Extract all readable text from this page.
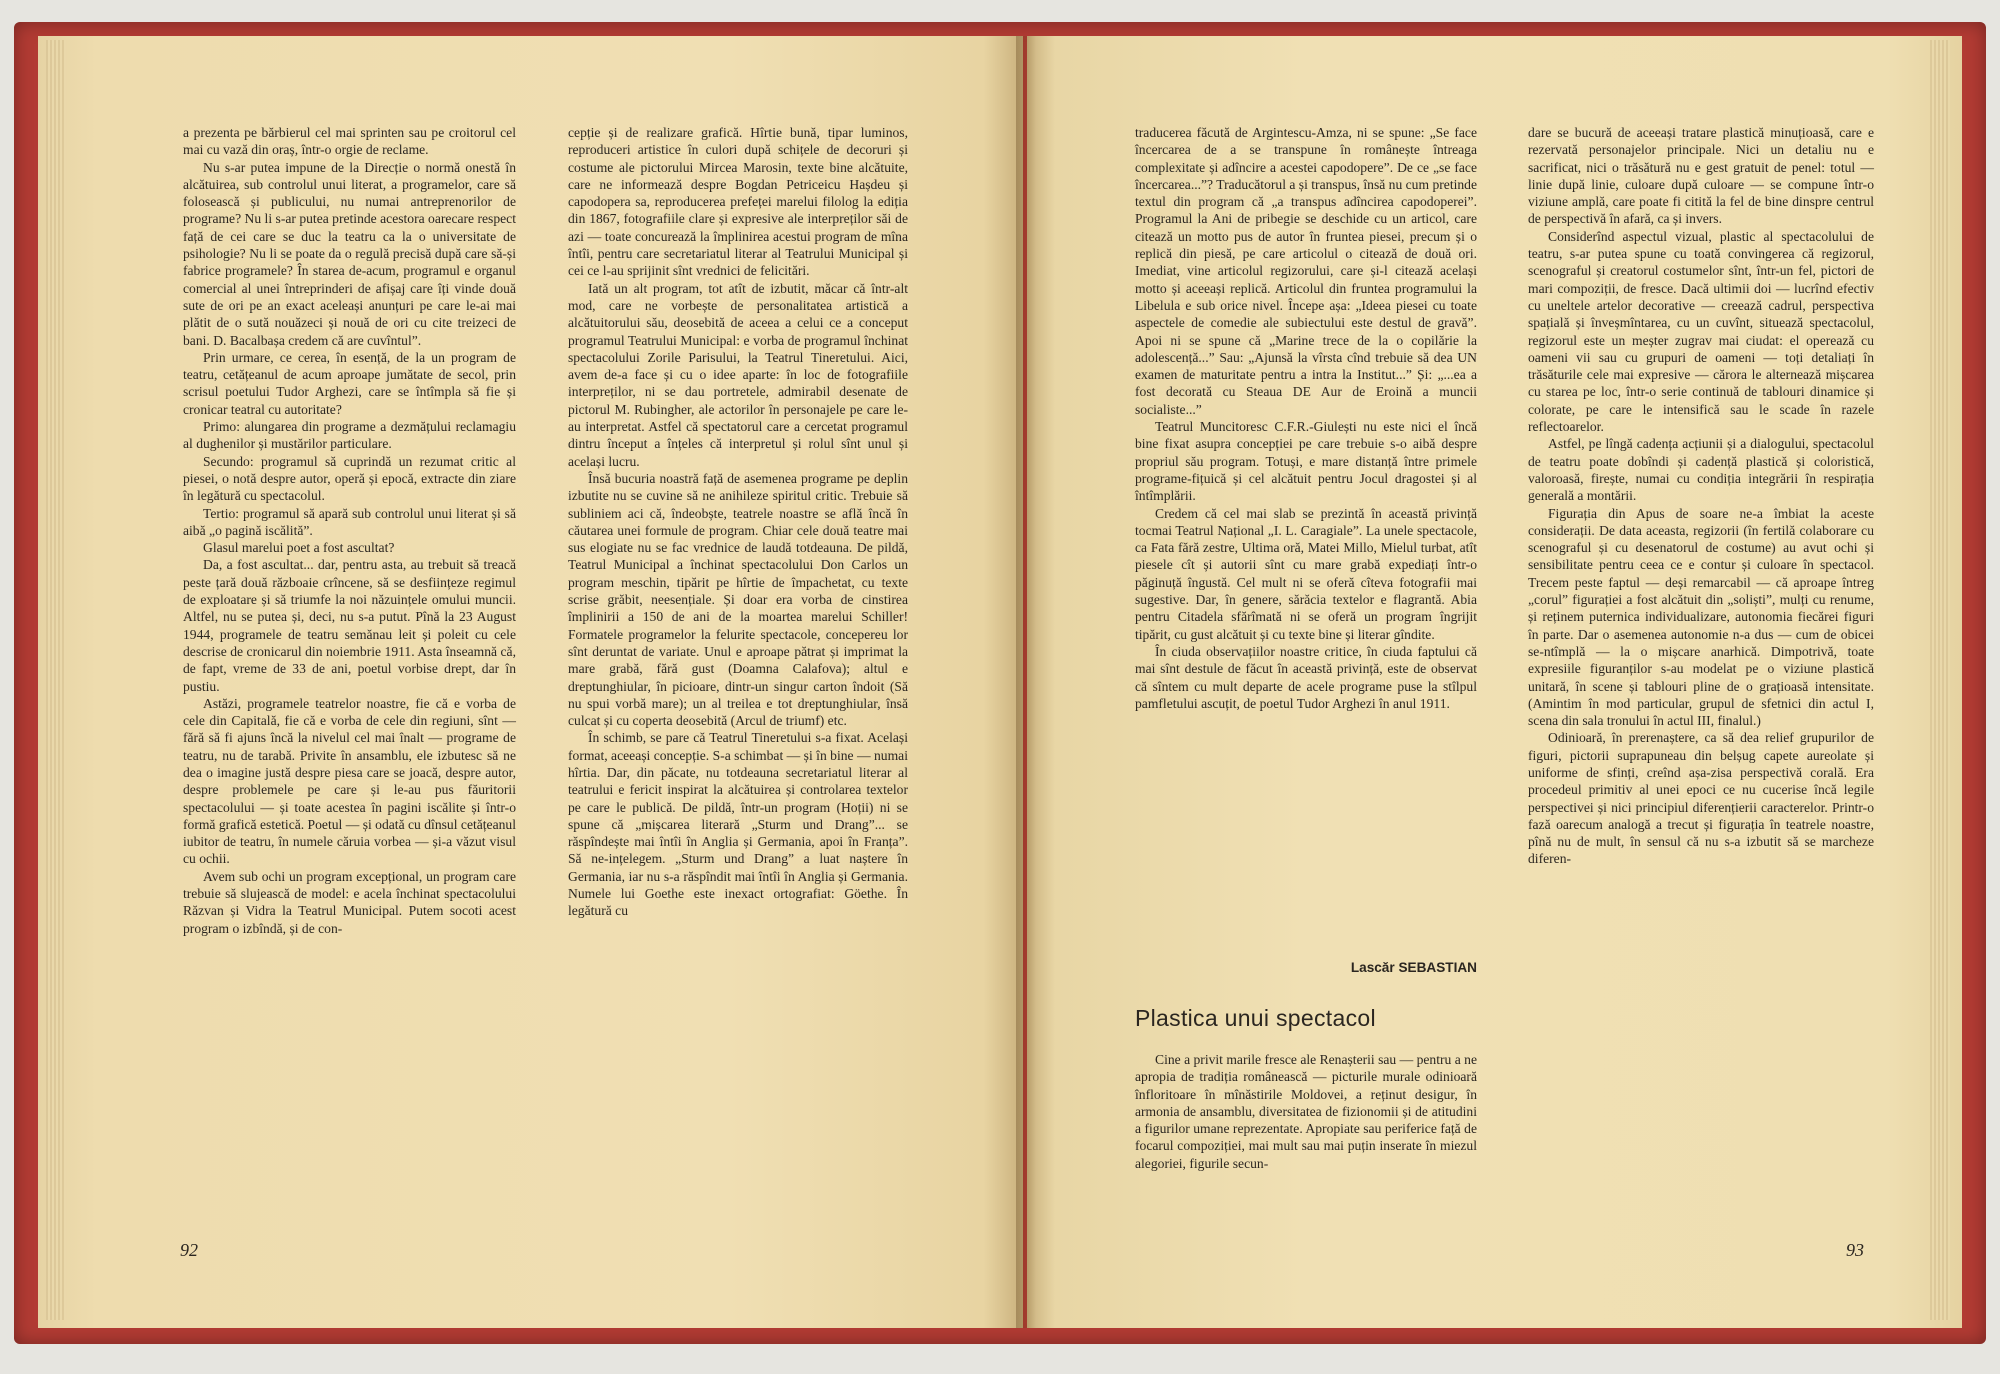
a prezenta pe bărbierul cel mai sprinten sau pe croitorul cel mai cu vază din oraș, într-o orgie de reclame.

Nu s-ar putea impune de la Direcție o normă onestă în alcătuirea, sub controlul unui literat, a programelor, care să folosească și publicului, nu numai antreprenorilor de programe? Nu li s-ar putea pretinde acestora oarecare respect față de cei care se duc la teatru ca la o universitate de psihologie? Nu li se poate da o regulă precisă după care să-și fabrice programele? În starea de-acum, programul e organul comercial al unei întreprinderi de afișaj care îți vinde două sute de ori pe an exact aceleași anunțuri pe care le-ai mai plătit de o sută nouăzeci și nouă de ori cu cite treizeci de bani. D. Bacalbașa credem că are cuvîntul”.

Prin urmare, ce cerea, în esență, de la un program de teatru, cetățeanul de acum aproape jumătate de secol, prin scrisul poetului Tudor Arghezi, care se întîmpla să fie și cronicar teatral cu autoritate?

Primo: alungarea din programe a dezmățului reclamagiu al dughenilor și mustărilor particulare.

Secundo: programul să cuprindă un rezumat critic al piesei, o notă despre autor, operă și epocă, extracte din ziare în legătură cu spectacolul.

Tertio: programul să apară sub controlul unui literat și să aibă „o pagină iscălită”.

Glasul marelui poet a fost ascultat?

Da, a fost ascultat... dar, pentru asta, au trebuit să treacă peste țară două războaie crîncene, să se desființeze regimul de exploatare și să triumfe la noi năzuințele omului muncii. Altfel, nu se putea și, deci, nu s-a putut. Pînă la 23 August 1944, programele de teatru semănau leit și poleit cu cele descrise de cronicarul din noiembrie 1911. Asta înseamnă că, de fapt, vreme de 33 de ani, poetul vorbise drept, dar în pustiu.

Astăzi, programele teatrelor noastre, fie că e vorba de cele din Capitală, fie că e vorba de cele din regiuni, sînt — fără să fi ajuns încă la nivelul cel mai înalt — programe de teatru, nu de tarabă. Privite în ansamblu, ele izbutesc să ne dea o imagine justă despre piesa care se joacă, despre autor, despre problemele pe care și le-au pus făuritorii spectacolului — și toate acestea în pagini iscălite și într-o formă grafică estetică. Poetul — și odată cu dînsul cetățeanul iubitor de teatru, în numele căruia vorbea — și-a văzut visul cu ochii.

Avem sub ochi un program excepțional, un program care trebuie să slujească de model: e acela închinat spectacolului Răzvan și Vidra la Teatrul Municipal. Putem socoti acest program o izbîndă, și de con-

cepție și de realizare grafică. Hîrtie bună, tipar luminos, reproduceri artistice în culori după schițele de decoruri și costume ale pictorului Mircea Marosin, texte bine alcătuite, care ne informează despre Bogdan Petriceicu Hașdeu și capodopera sa, reproducerea prefeței marelui filolog la ediția din 1867, fotografiile clare și expresive ale interpreților săi de azi — toate concurează la împlinirea acestui program de mîna întîi, pentru care secretariatul literar al Teatrului Municipal și cei ce l-au sprijinit sînt vrednici de felicitări.

Iată un alt program, tot atît de izbutit, măcar că într-alt mod, care ne vorbește de personalitatea artistică a alcătuitorului său, deosebită de aceea a celui ce a conceput programul Teatrului Municipal: e vorba de programul închinat spectacolului Zorile Parisului, la Teatrul Tineretului. Aici, avem de-a face și cu o idee aparte: în loc de fotografiile interpreților, ni se dau portretele, admirabil desenate de pictorul M. Rubingher, ale actorilor în personajele pe care le-au interpretat. Astfel că spectatorul care a cercetat programul dintru început a înțeles că interpretul și rolul sînt unul și același lucru.

Însă bucuria noastră față de asemenea programe pe deplin izbutite nu se cuvine să ne anihileze spiritul critic. Trebuie să subliniem aci că, îndeobște, teatrele noastre se află încă în căutarea unei formule de program. Chiar cele două teatre mai sus elogiate nu se fac vrednice de laudă totdeauna. De pildă, Teatrul Municipal a închinat spectacolului Don Carlos un program meschin, tipărit pe hîrtie de împachetat, cu texte scrise grăbit, neesențiale. Și doar era vorba de cinstirea împlinirii a 150 de ani de la moartea marelui Schiller! Formatele programelor la felurite spectacole, concepereu lor sînt deruntat de variate. Unul e aproape pătrat și imprimat la mare grabă, fără gust (Doamna Calafova); altul e dreptunghiular, în picioare, dintr-un singur carton îndoit (Să nu spui vorbă mare); un al treilea e tot dreptunghiular, însă culcat și cu coperta deosebită (Arcul de triumf) etc.

În schimb, se pare că Teatrul Tineretului s-a fixat. Același format, aceeași concepție. S-a schimbat — și în bine — numai hîrtia. Dar, din păcate, nu totdeauna secretariatul literar al teatrului e fericit inspirat la alcătuirea și controlarea textelor pe care le publică. De pildă, într-un program (Hoții) ni se spune că „mișcarea literară „Sturm und Drang”... se răspîndește mai întîi în Anglia și Germania, apoi în Franța”. Să ne-ințelegem. „Sturm und Drang” a luat naștere în Germania, iar nu s-a răspîndit mai întîi în Anglia și Germania. Numele lui Goethe este inexact ortografiat: Göethe. În legătură cu

92

traducerea făcută de Argintescu-Amza, ni se spune: „Se face încercarea de a se transpune în românește întreaga complexitate și adîncire a acestei capodopere”. De ce „se face încercarea...”? Traducătorul a și transpus, însă nu cum pretinde textul din program că „a transpus adîncirea capodoperei”. Programul la Ani de pribegie se deschide cu un articol, care citează un motto pus de autor în fruntea piesei, precum și o replică din piesă, pe care articolul o citează de două ori. Imediat, vine articolul regizorului, care și-l citează același motto și aceeași replică. Articolul din fruntea programului la Libelula e sub orice nivel. Începe așa: „Ideea piesei cu toate aspectele de comedie ale subiectului este destul de gravă”. Apoi ni se spune că „Marine trece de la o copilărie la adolescență...” Sau: „Ajunsă la vîrsta cînd trebuie să dea UN examen de maturitate pentru a intra la Institut...” Și: „...ea a fost decorată cu Steaua DE Aur de Eroină a muncii socialiste...”

Teatrul Muncitoresc C.F.R.-Giulești nu este nici el încă bine fixat asupra concepției pe care trebuie s-o aibă despre propriul său program. Totuși, e mare distanță între primele programe-fițuică și cel alcătuit pentru Jocul dragostei și al întîmplării.

Credem că cel mai slab se prezintă în această privință tocmai Teatrul Național „I. L. Caragiale”. La unele spectacole, ca Fata fără zestre, Ultima oră, Matei Millo, Mielul turbat, atît piesele cît și autorii sînt cu mare grabă expediați într-o păginuță îngustă. Cel mult ni se oferă cîteva fotografii mai sugestive. Dar, în genere, sărăcia textelor e flagrantă. Abia pentru Citadela sfărîmată ni se oferă un program îngrijit tipărit, cu gust alcătuit și cu texte bine și literar gîndite.

În ciuda observațiilor noastre critice, în ciuda faptului că mai sînt destule de făcut în această privință, este de observat că sîntem cu mult departe de acele programe puse la stîlpul pamfletului ascuțit, de poetul Tudor Arghezi în anul 1911.

Lascăr SEBASTIAN
Plastica unui spectacol

Cine a privit marile fresce ale Renașterii sau — pentru a ne apropia de tradiția românească — picturile murale odinioară înfloritoare în mînăstirile Moldovei, a reținut desigur, în armonia de ansamblu, diversitatea de fizionomii și de atitudini a figurilor umane reprezentate. Apropiate sau periferice față de focarul compoziției, mai mult sau mai puțin inserate în miezul alegoriei, figurile secun-

dare se bucură de aceeași tratare plastică minuțioasă, care e rezervată personajelor principale. Nici un detaliu nu e sacrificat, nici o trăsătură nu e gest gratuit de penel: totul — linie după linie, culoare după culoare — se compune într-o viziune amplă, care poate fi citită la fel de bine dinspre centrul de perspectivă în afară, ca și invers.

Considerînd aspectul vizual, plastic al spectacolului de teatru, s-ar putea spune cu toată convingerea că regizorul, scenograful și creatorul costumelor sînt, într-un fel, pictori de mari compoziții, de fresce. Dacă ultimii doi — lucrînd efectiv cu uneltele artelor decorative — creează cadrul, perspectiva spațială și înveșmîntarea, cu un cuvînt, situează spectacolul, regizorul este un meșter zugrav mai ciudat: el operează cu oameni vii sau cu grupuri de oameni — toți detaliați în trăsăturile cele mai expresive — cărora le alternează mișcarea cu starea pe loc, într-o serie continuă de tablouri dinamice și colorate, pe care le intensifică sau le scade în razele reflectoarelor.

Astfel, pe lîngă cadența acțiunii și a dialogului, spectacolul de teatru poate dobîndi și cadență plastică și coloristică, valoroasă, firește, numai cu condiția integrării în respirația generală a montării.

Figurația din Apus de soare ne-a îmbiat la aceste considerații. De data aceasta, regizorii (în fertilă colaborare cu scenograful și cu desenatorul de costume) au avut ochi și sensibilitate pentru ceea ce e contur și culoare în spectacol. Trecem peste faptul — deși remarcabil — că aproape întreg „corul” figurației a fost alcătuit din „soliști”, mulți cu renume, și reținem puternica individualizare, autonomia fiecărei figuri în parte. Dar o asemenea autonomie n-a dus — cum de obicei se-ntîmplă — la o mișcare anarhică. Dimpotrivă, toate expresiile figuranților s-au modelat pe o viziune plastică unitară, în scene și tablouri pline de o grațioasă intensitate. (Amintim în mod particular, grupul de sfetnici din actul I, scena din sala tronului în actul III, finalul.)

Odinioară, în prerenaștere, ca să dea relief grupurilor de figuri, pictorii suprapuneau din belșug capete aureolate și uniforme de sfinți, creînd așa-zisa perspectivă corală. Era procedeul primitiv al unei epoci ce nu cucerise încă legile perspectivei și nici principiul diferențierii caracterelor. Printr-o fază oarecum analogă a trecut și figurația în teatrele noastre, pînă nu de mult, în sensul că nu s-a izbutit să se marcheze diferen-

93
